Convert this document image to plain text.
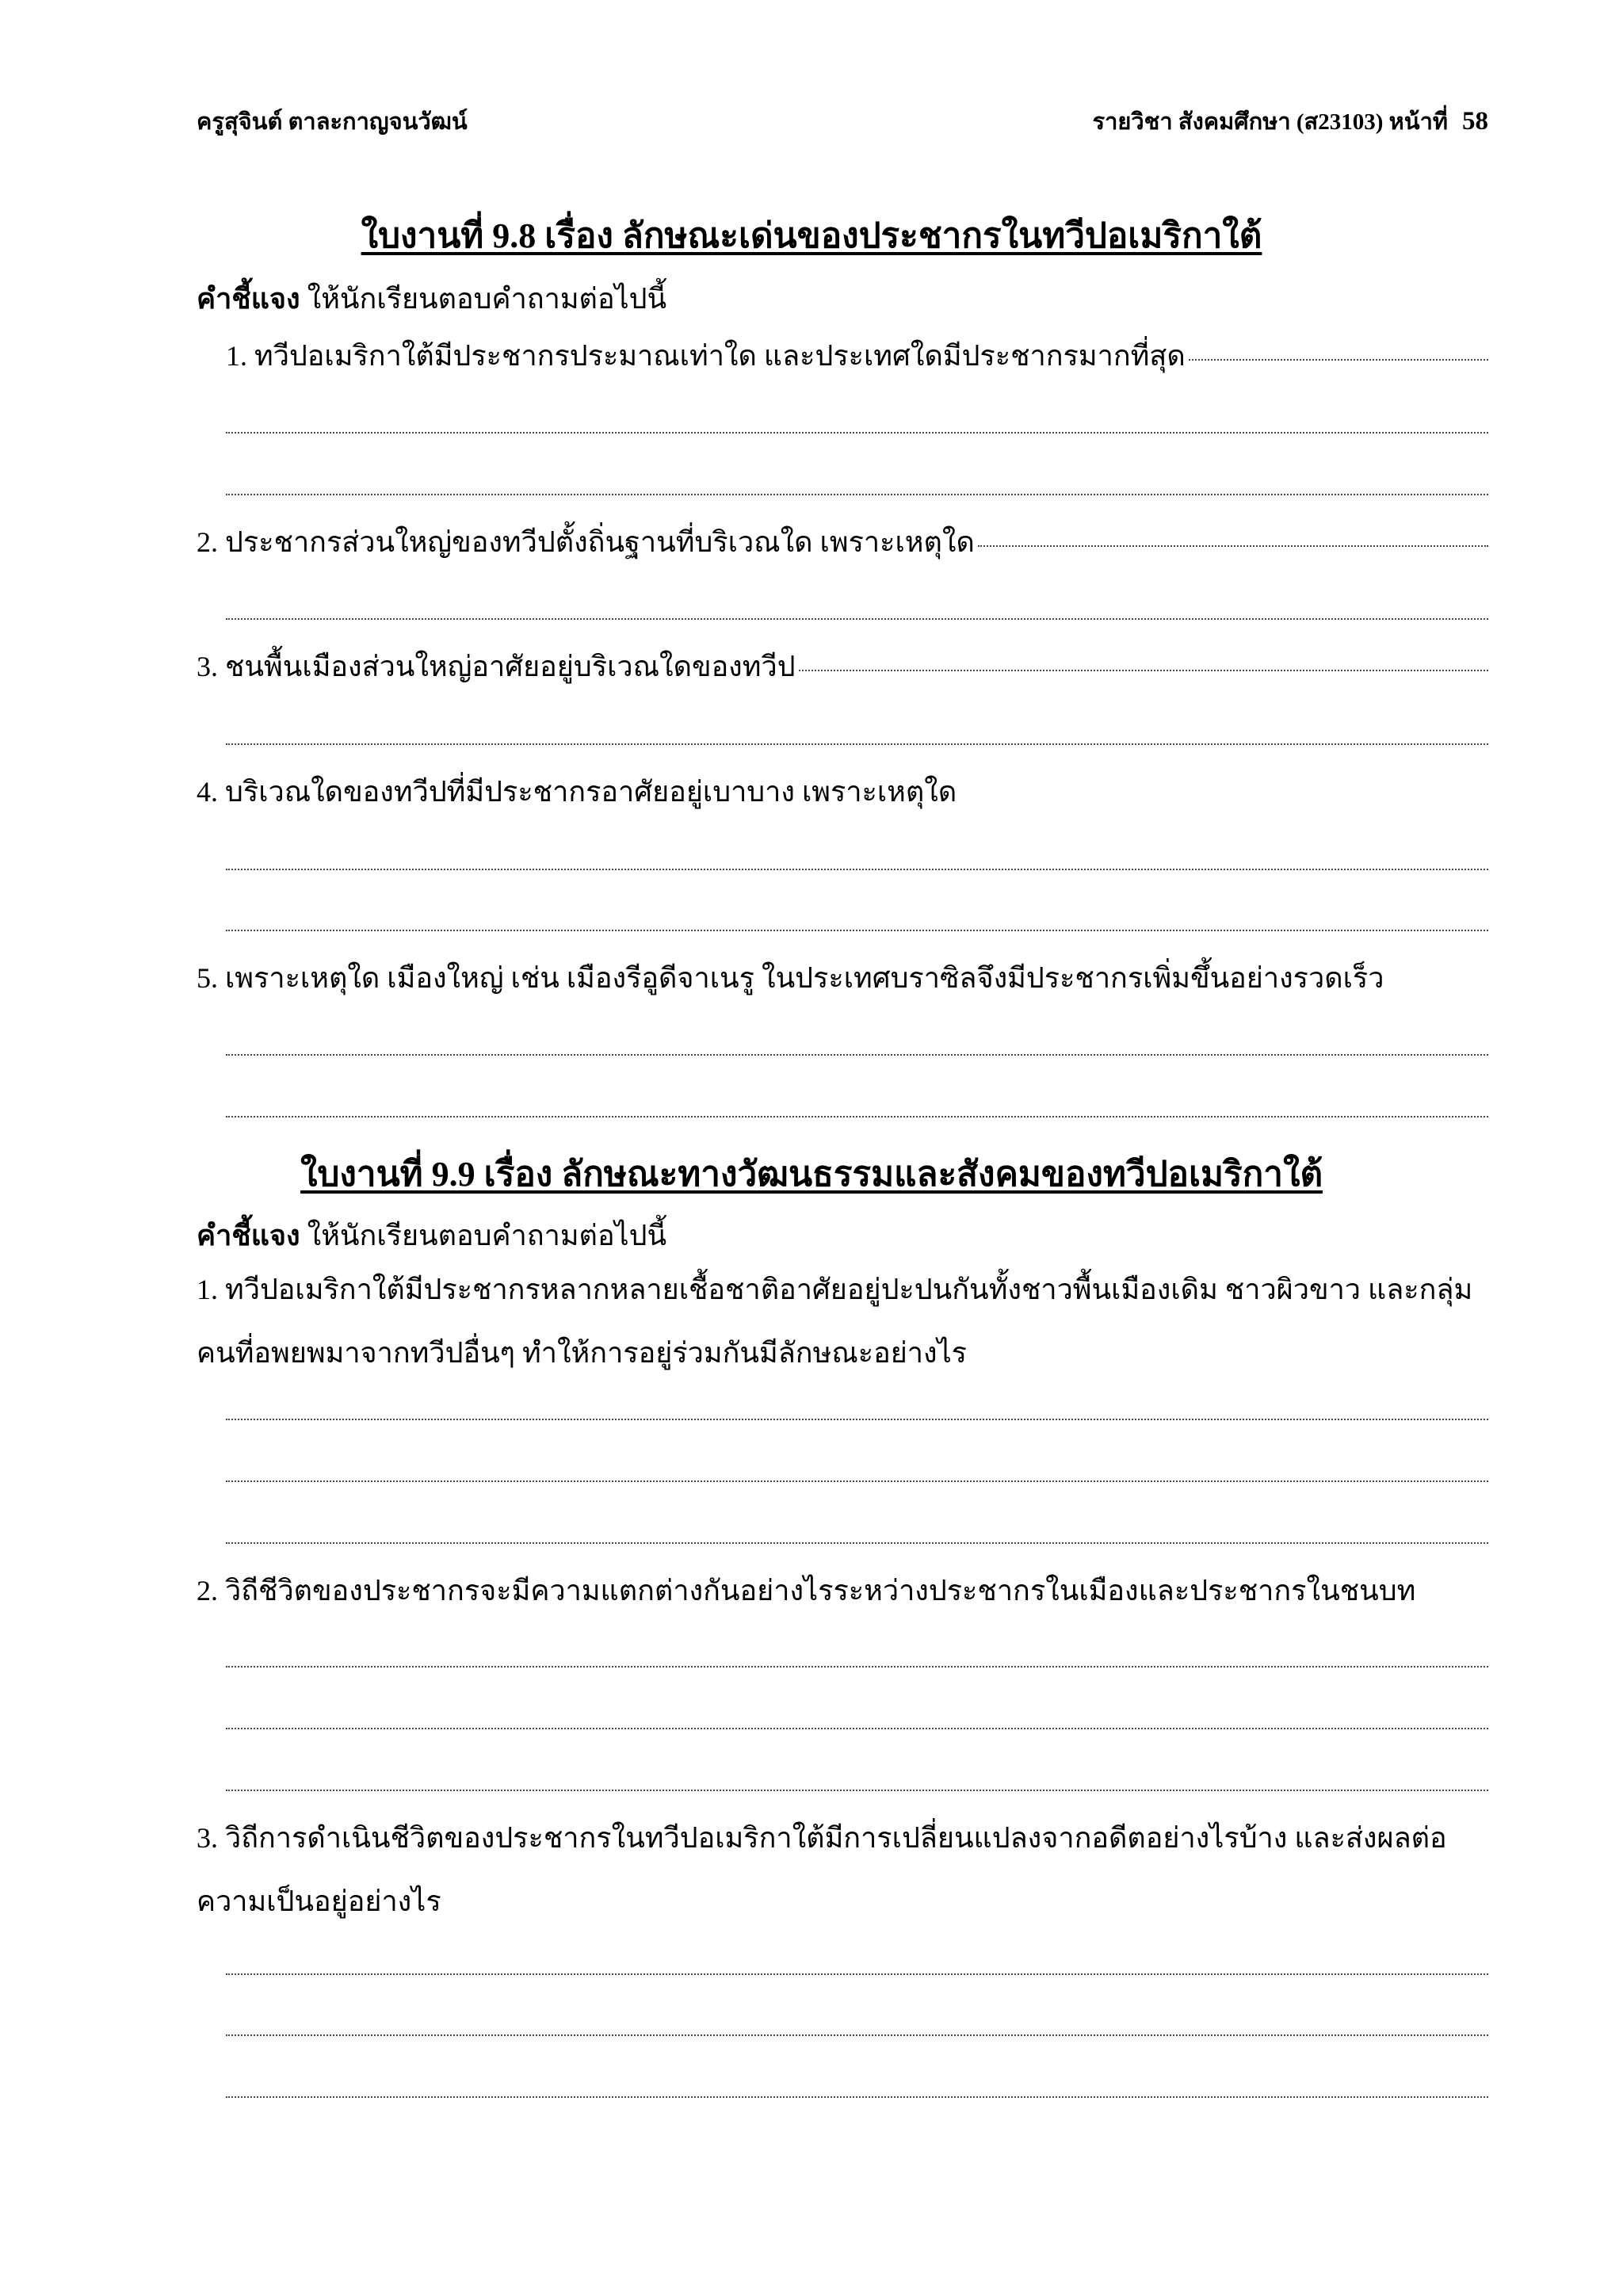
ครูสุจินต์ ตาละกาญจนวัฒน์	รายวิชา สังคมศึกษา (ส23103) หน้าที่ 58
ใบงานที่ 9.8 เรื่อง ลักษณะเด่นของประชากรในทวีปอเมริกาใต้
คำชี้แจง ให้นักเรียนตอบคำถามต่อไปนี้
1. ทวีปอเมริกาใต้มีประชากรประมาณเท่าใด และประเทศใดมีประชากรมากที่สุด
2. ประชากรส่วนใหญ่ของทวีปตั้งถิ่นฐานที่บริเวณใด เพราะเหตุใด
3. ชนพื้นเมืองส่วนใหญ่อาศัยอยู่บริเวณใดของทวีป
4. บริเวณใดของทวีปที่มีประชากรอาศัยอยู่เบาบาง เพราะเหตุใด
5. เพราะเหตุใด เมืองใหญ่ เช่น เมืองรีอูดีจาเนรู ในประเทศบราซิลจึงมีประชากรเพิ่มขึ้นอย่างรวดเร็ว
ใบงานที่ 9.9 เรื่อง ลักษณะทางวัฒนธรรมและสังคมของทวีปอเมริกาใต้
คำชี้แจง ให้นักเรียนตอบคำถามต่อไปนี้
1. ทวีปอเมริกาใต้มีประชากรหลากหลายเชื้อชาติอาศัยอยู่ปะปนกันทั้งชาวพื้นเมืองเดิม ชาวผิวขาว และกลุ่มคนที่อพยพมาจากทวีปอื่นๆ ทำให้การอยู่ร่วมกันมีลักษณะอย่างไร
2. วิถีชีวิตของประชากรจะมีความแตกต่างกันอย่างไรระหว่างประชากรในเมืองและประชากรในชนบท
3. วิถีการดำเนินชีวิตของประชากรในทวีปอเมริกาใต้มีการเปลี่ยนแปลงจากอดีตอย่างไรบ้าง และส่งผลต่อความเป็นอยู่อย่างไร
